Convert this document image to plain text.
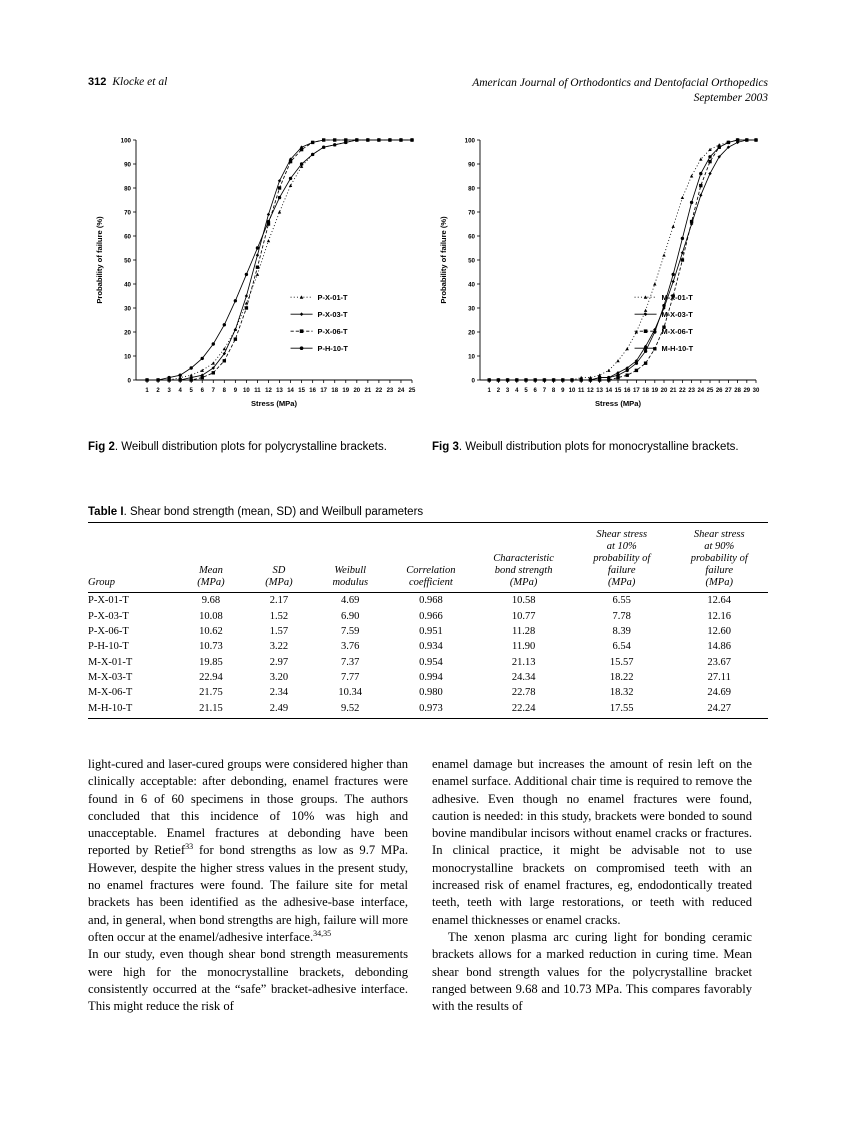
312 Klocke et al	American Journal of Orthodontics and Dentofacial Orthopedics
September 2003
0
10
20
30
40
50
60
70
80
90
100
1 2 3 4 5 6 7 8 9 10 11 12 13 14 15 16 17 18 19 20 21 22 23 24 25
Stress (MPa)
Probability of failure (%)	P-X-01-T
P-X-03-T
P-X-06-T
P-H-10-T
0
10
20
30
40
50
60
70
80
90
100
1 2 3 4 5 6 7 8 9 10 11 12 13 14 15 16 17 18 19 20 21 22 23 24 25 26 27 28 29 30
Stress (MPa)
Probability of failure (%)	M-X-01-T
M-X-03-T
M-X-06-T
M-H-10-T
Fig 2. Weibull distribution plots for polycrystalline brackets.	Fig 3. Weibull distribution plots for monocrystalline brackets.
Table I. Shear bond strength (mean, SD) and Weilbull parameters

Group

Mean
(MPa)

SD
(MPa)

Weibull
modulus

Correlation
coefficient

Characteristic
bond strength
(MPa)

Shear stress
at 10%
probability of
failure
(MPa)

Shear stress
at 90%
probability of
failure
(MPa)

P-X-01-T	9.68	2.17	4.69	0.968	10.58	6.55	12.64
P-X-03-T	10.08	1.52	6.90	0.966	10.77	7.78	12.16
P-X-06-T	10.62	1.57	7.59	0.951	11.28	8.39	12.60
P-H-10-T	10.73	3.22	3.76	0.934	11.90	6.54	14.86
M-X-01-T	19.85	2.97	7.37	0.954	21.13	15.57	23.67
M-X-03-T	22.94	3.20	7.77	0.994	24.34	18.22	27.11
M-X-06-T	21.75	2.34	10.34	0.980	22.78	18.32	24.69
M-H-10-T	21.15	2.49	9.52	0.973	22.24	17.55	24.27

light-cured and laser-cured groups were considered higher than clinically acceptable: after debonding, enamel fractures were found in 6 of 60 specimens in those groups. The authors concluded that this incidence of 10% was high and unacceptable. Enamel fractures at debonding have been reported by Retief$^{33}$ for bond strengths as low as 9.7 MPa. However, despite the higher stress values in the present study, no enamel fractures were found. The failure site for metal brackets has been identified as the adhesive-base interface, and, in general, when bond strengths are high, failure will more often occur at the enamel/adhesive interface.$^{34,35}$

In our study, even though shear bond strength measurements were high for the monocrystalline brackets, debonding consistently occurred at the “safe” bracket-adhesive interface. This might reduce the risk of

enamel damage but increases the amount of resin left on the enamel surface. Additional chair time is required to remove the adhesive. Even though no enamel fractures were found, caution is needed: in this study, brackets were bonded to sound bovine mandibular incisors without enamel cracks or fractures. In clinical practice, it might be advisable not to use monocrystalline brackets on compromised teeth with an increased risk of enamel fractures, eg, endodontically treated teeth, teeth with large restorations, or teeth with reduced enamel thicknesses or enamel cracks.

The xenon plasma arc curing light for bonding ceramic brackets allows for a marked reduction in curing time. Mean shear bond strength values for the polycrystalline bracket ranged between 9.68 and 10.73 MPa. This compares favorably with the results of
